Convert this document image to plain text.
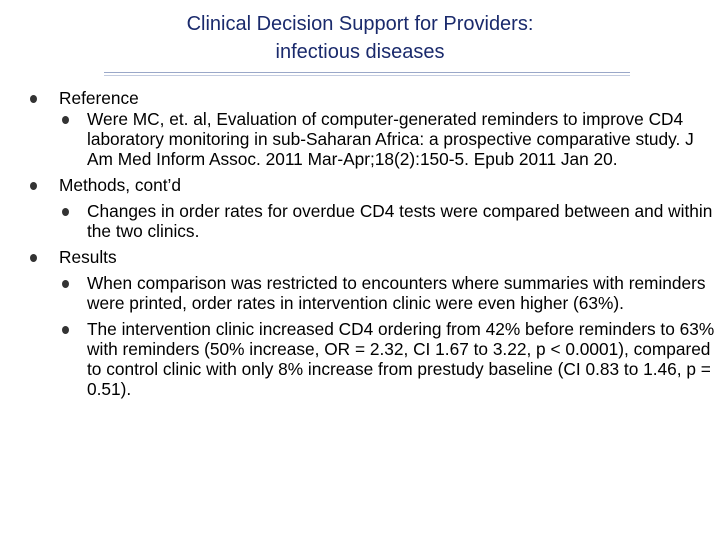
Clinical Decision Support for Providers:
infectious diseases
Reference
Were MC, et. al, Evaluation of computer-generated reminders to improve CD4 laboratory monitoring in sub-Saharan Africa: a prospective comparative study. J Am Med Inform Assoc. 2011 Mar-Apr;18(2):150-5. Epub 2011 Jan 20.
Methods, cont’d
Changes in order rates for overdue CD4 tests were compared between and within the two clinics.
Results
When comparison was restricted to encounters where summaries with reminders were printed, order rates in intervention clinic were even higher (63%).
The intervention clinic increased CD4 ordering from 42% before reminders to 63% with reminders (50% increase, OR = 2.32, CI 1.67 to 3.22, p < 0.0001), compared to control clinic with only 8% increase from prestudy baseline (CI 0.83 to 1.46, p = 0.51).
